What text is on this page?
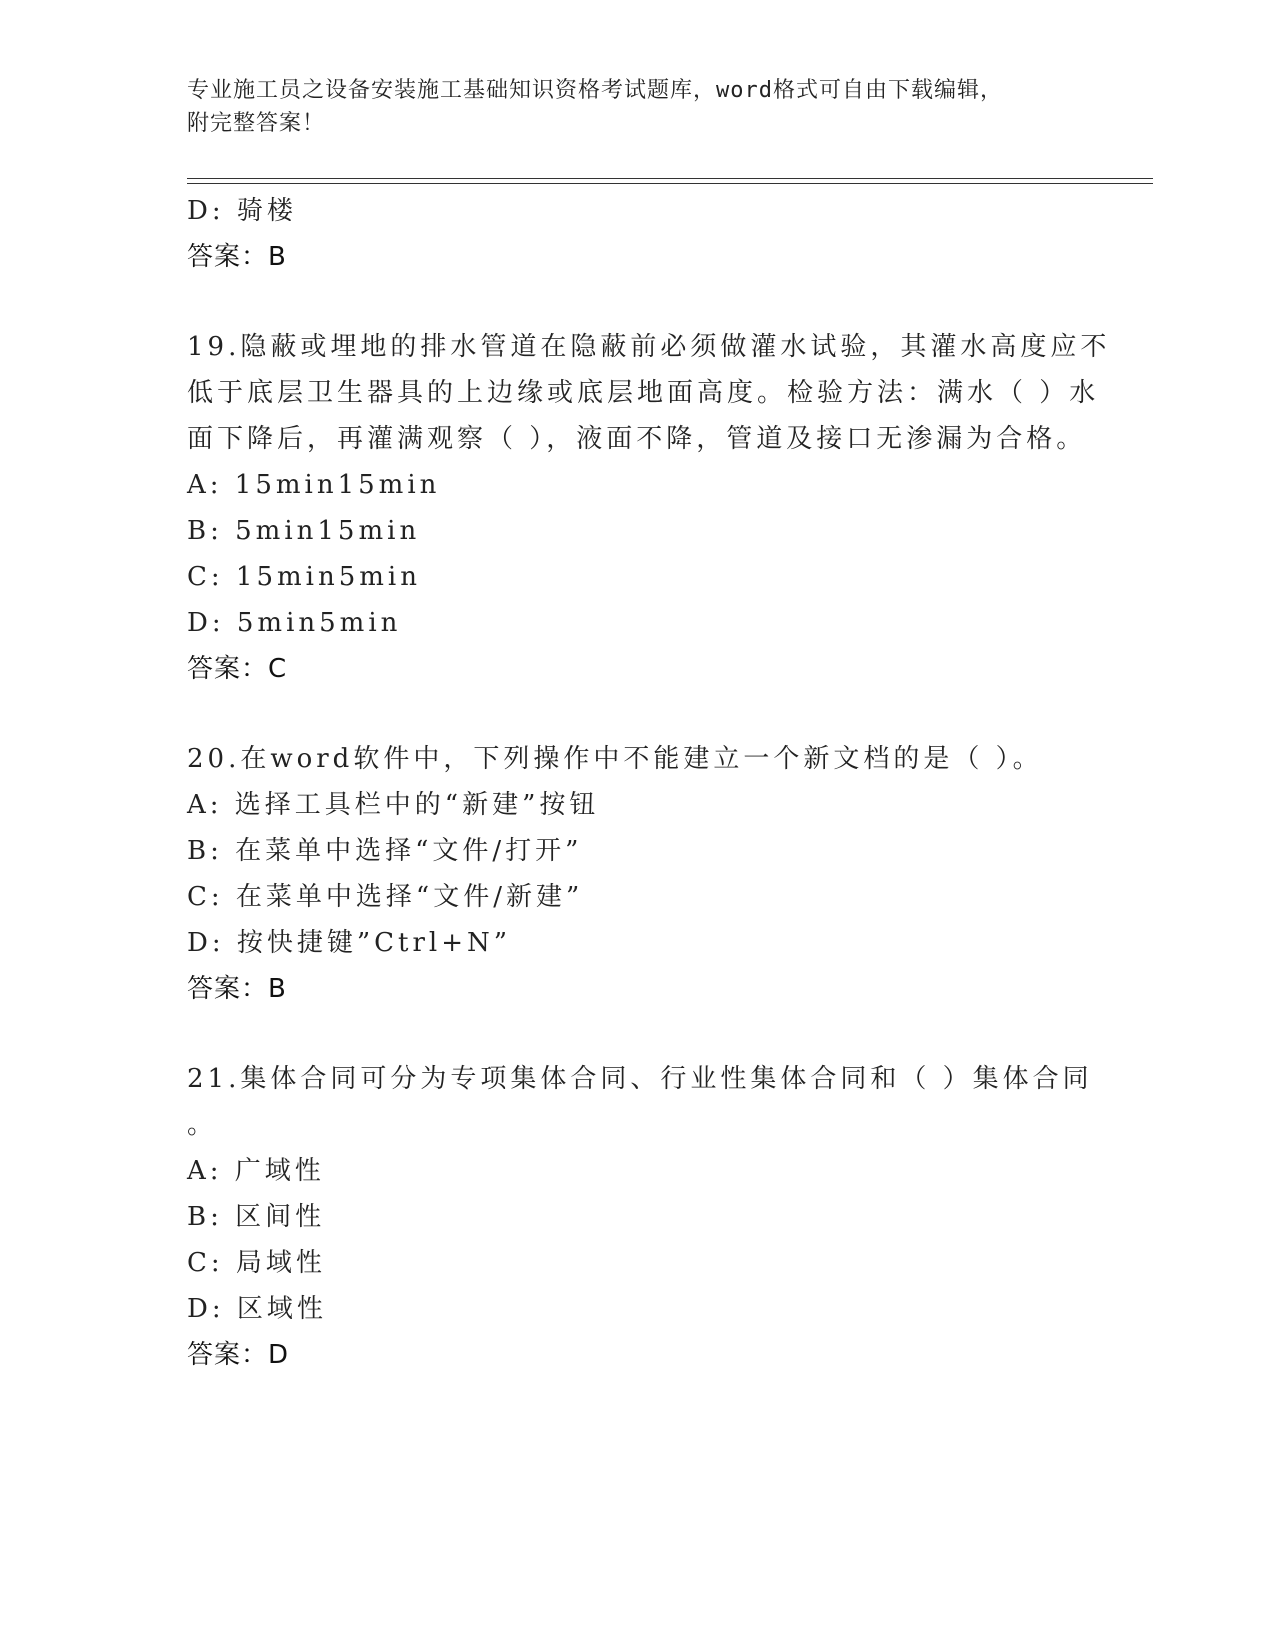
专业施工员之设备安装施工基础知识资格考试题库，word格式可自由下载编辑，
附完整答案！
D: 骑楼
答案：B
19.隐蔽或埋地的排水管道在隐蔽前必须做灌水试验，其灌水高度应不
低于底层卫生器具的上边缘或底层地面高度。检验方法：满水（ ）水
面下降后，再灌满观察（ ），液面不降，管道及接口无渗漏为合格。
A: 15min15min
B: 5min15min
C: 15min5min
D: 5min5min
答案：C
20.在word软件中，下列操作中不能建立一个新文档的是（ ）。
A: 选择工具栏中的“新建”按钮
B: 在菜单中选择“文件/打开”
C: 在菜单中选择“文件/新建”
D: 按快捷键”Ctrl+N”
答案：B
21.集体合同可分为专项集体合同、行业性集体合同和（ ）集体合同
。
A: 广域性
B: 区间性
C: 局域性
D: 区域性
答案：D
